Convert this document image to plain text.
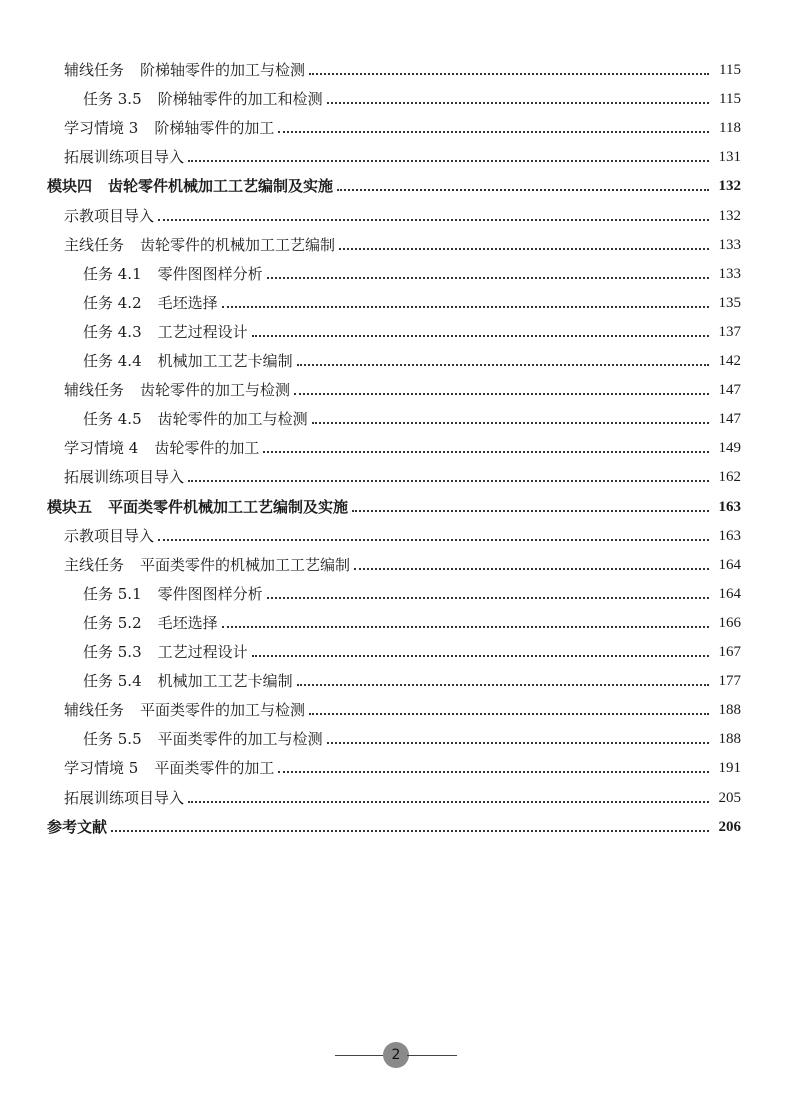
辅线任务 阶梯轴零件的加工与检测	115
任务 3.5 阶梯轴零件的加工和检测	115
学习情境 3 阶梯轴零件的加工	118
拓展训练项目导入	131
模块四 齿轮零件机械加工工艺编制及实施	132
示教项目导入	132
主线任务 齿轮零件的机械加工工艺编制	133
任务 4.1 零件图图样分析	133
任务 4.2 毛坯选择	135
任务 4.3 工艺过程设计	137
任务 4.4 机械加工工艺卡编制	142
辅线任务 齿轮零件的加工与检测	147
任务 4.5 齿轮零件的加工与检测	147
学习情境 4 齿轮零件的加工	149
拓展训练项目导入	162
模块五 平面类零件机械加工工艺编制及实施	163
示教项目导入	163
主线任务 平面类零件的机械加工工艺编制	164
任务 5.1 零件图图样分析	164
任务 5.2 毛坯选择	166
任务 5.3 工艺过程设计	167
任务 5.4 机械加工工艺卡编制	177
辅线任务 平面类零件的加工与检测	188
任务 5.5 平面类零件的加工与检测	188
学习情境 5 平面类零件的加工	191
拓展训练项目导入	205
参考文献	206
2
